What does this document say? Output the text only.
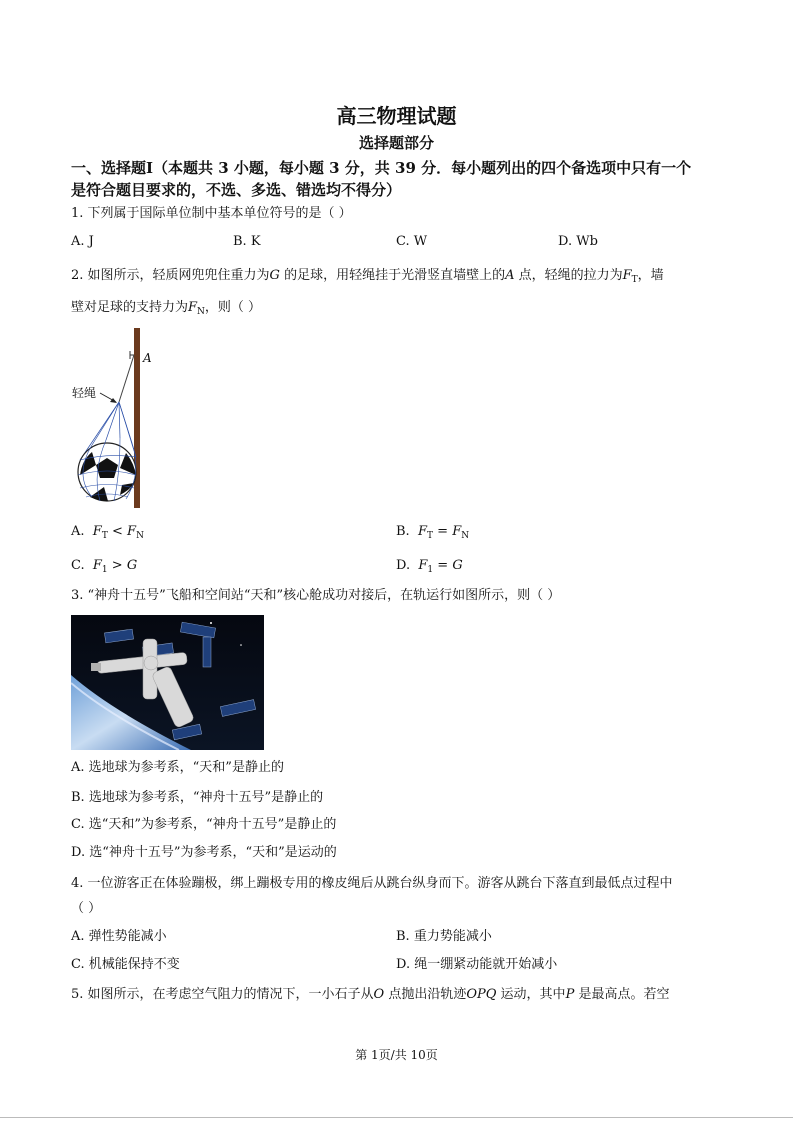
高三物理试题
选择题部分
一、选择题Ⅰ（本题共 3 小题，每小题 3 分，共 39 分．每小题列出的四个备选项中只有一个
是符合题目要求的，不选、多选、错选均不得分）
1. 下列属于国际单位制中基本单位符号的是（ ）
A. J	B. K	C. W	D. Wb
2. 如图所示，轻质网兜兜住重力为G 的足球，用轻绳挂于光滑竖直墙壁上的A 点，轻绳的拉力为$F_T$，墙
壁对足球的支持力为$F_N$，则（ ）
A
轻绳
A. $F_T < F_N$	B. $F_T = F_N$
C. $F_1 > G$	D. $F_1 = G$
3. “神舟十五号”飞船和空间站“天和”核心舱成功对接后，在轨运行如图所示，则（ ）
A. 选地球为参考系，“天和”是静止的
B. 选地球为参考系，“神舟十五号”是静止的
C. 选“天和”为参考系，“神舟十五号”是静止的
D. 选“神舟十五号”为参考系，“天和”是运动的
4. 一位游客正在体验蹦极，绑上蹦极专用的橡皮绳后从跳台纵身而下。游客从跳台下落直到最低点过程中
（ ）
A. 弹性势能减小	B. 重力势能减小
C. 机械能保持不变	D. 绳一绷紧动能就开始减小
5. 如图所示，在考虑空气阻力的情况下，一小石子从O 点抛出沿轨迹OPQ 运动，其中P 是最高点。若空
第 1页/共 10页
